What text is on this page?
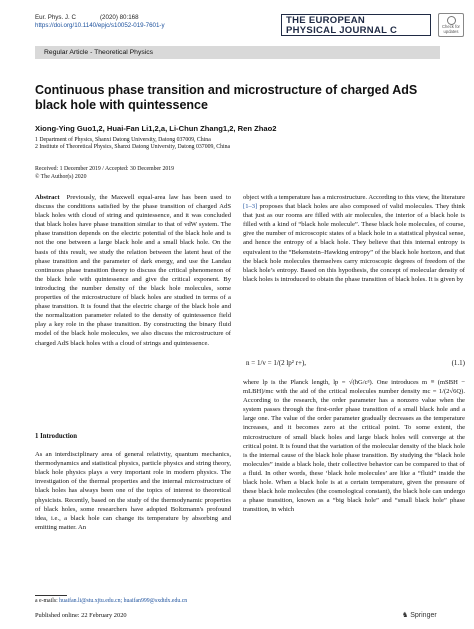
Eur. Phys. J. C	(2020) 80:168
https://doi.org/10.1140/epjc/s10052-019-7601-y	THE EUROPEAN
PHYSICAL JOURNAL C	Check for
updates
Regular Article - Theoretical Physics
Continuous phase transition and microstructure of charged AdS black hole with quintessence
Xiong-Ying Guo1,2, Huai-Fan Li1,2,a, Li-Chun Zhang1,2, Ren Zhao2
1 Department of Physics, Shanxi Datong University, Datong 037009, China
2 Institute of Theoretical Physics, Shanxi Datong University, Datong 037009, China
Received: 1 December 2019 / Accepted: 30 December 2019
© The Author(s) 2020

Abstract Previously, the Maxwell equal-area law has been used to discuss the conditions satisfied by the phase transition of charged AdS black holes with cloud of string and quintessence, and it was concluded that black holes have phase transition similar to that of vdW system. The phase transition depends on the electric potential of the black hole and is not the one between a large black hole and a small black hole. On the basis of this result, we study the relation between the latent heat of the phase transition and the parameter of dark energy, and use the Landau continuous phase transition theory to discuss the critical phenomenon of the black hole with quintessence and give the critical exponent. By introducing the number density of the black hole molecules, some properties of the microstructure of black holes are studied in terms of a phase transition. It is found that the electric charge of the black hole and the normalization parameter related to the density of quintessence field play a key role in the phase transition. By constructing the binary fluid model of the black hole molecules, we also discuss the microstructure of charged AdS black holes with a cloud of strings and quintessence.

1 Introduction

As an interdisciplinary area of general relativity, quantum mechanics, thermodynamics and statistical physics, particle physics and string theory, black hole physics plays a very important role in modern physics. The investigation of the thermal properties and the internal microstructure of black holes has always been one of the topics of interest to theoretical physicists. Recently, based on the study of the thermodynamic properties of black holes, some researchers have adopted Boltzmann's profound idea, i.e., a black hole can change its temperature by absorbing and emitting matter. An

object with a temperature has a microstructure. According to this view, the literature [1–3] proposes that black holes are also composed of valid molecules. They think that just as our rooms are filled with air molecules, the interior of a black hole is filled with a kind of “black hole molecule”. These black hole molecules, of course, give the number of microscopic states of a black hole in a statistical physical sense, and hence the entropy of a black hole. They believe that this internal entropy is equivalent to the “Bekenstein–Hawking entropy” of the black hole horizon, and that the black hole molecules themselves carry microscopic degrees of freedom of the black hole’s entropy. Based on this hypothesis, the concept of molecular density of black holes is introduced to obtain the phase transition of black holes. It is given by

n = 1/v = 1/(2 lp² r+),	(1.1)

where lp is the Planck length, lp = √(ħG/c³). One introduces m ≡ (mSBH − mLBH)/mc with the aid of the critical molecules number density mc = 1/(2√6Q). According to the research, the order parameter has a nonzero value when the system passes through the first-order phase transition of a small black hole and a large one. The value of the order parameter gradually decreases as the temperature increases, and it becomes zero at the critical point. To some extent, the microstructure of small black holes and large black holes will converge at the critical point. It is found that the variation of the molecular density of the black hole is the internal cause of the black hole phase transition. By studying the “black hole molecules” inside a black hole, their collective behavior can be compared to that of a fluid. In other words, these ‘black hole molecules’ are like a “fluid” inside the black hole. When a black hole is at a certain temperature, given the pressure of these black hole molecules (the cosmological constant), the black hole can undergo a phase transition, known as a “big black hole” and “small black hole” phase transition, in which

a e-mails: huaifan.li@stu.xjtu.edu.cn; huaifan999@sxdtdx.edu.cn
Published online: 22 February 2020	♞ Springer
